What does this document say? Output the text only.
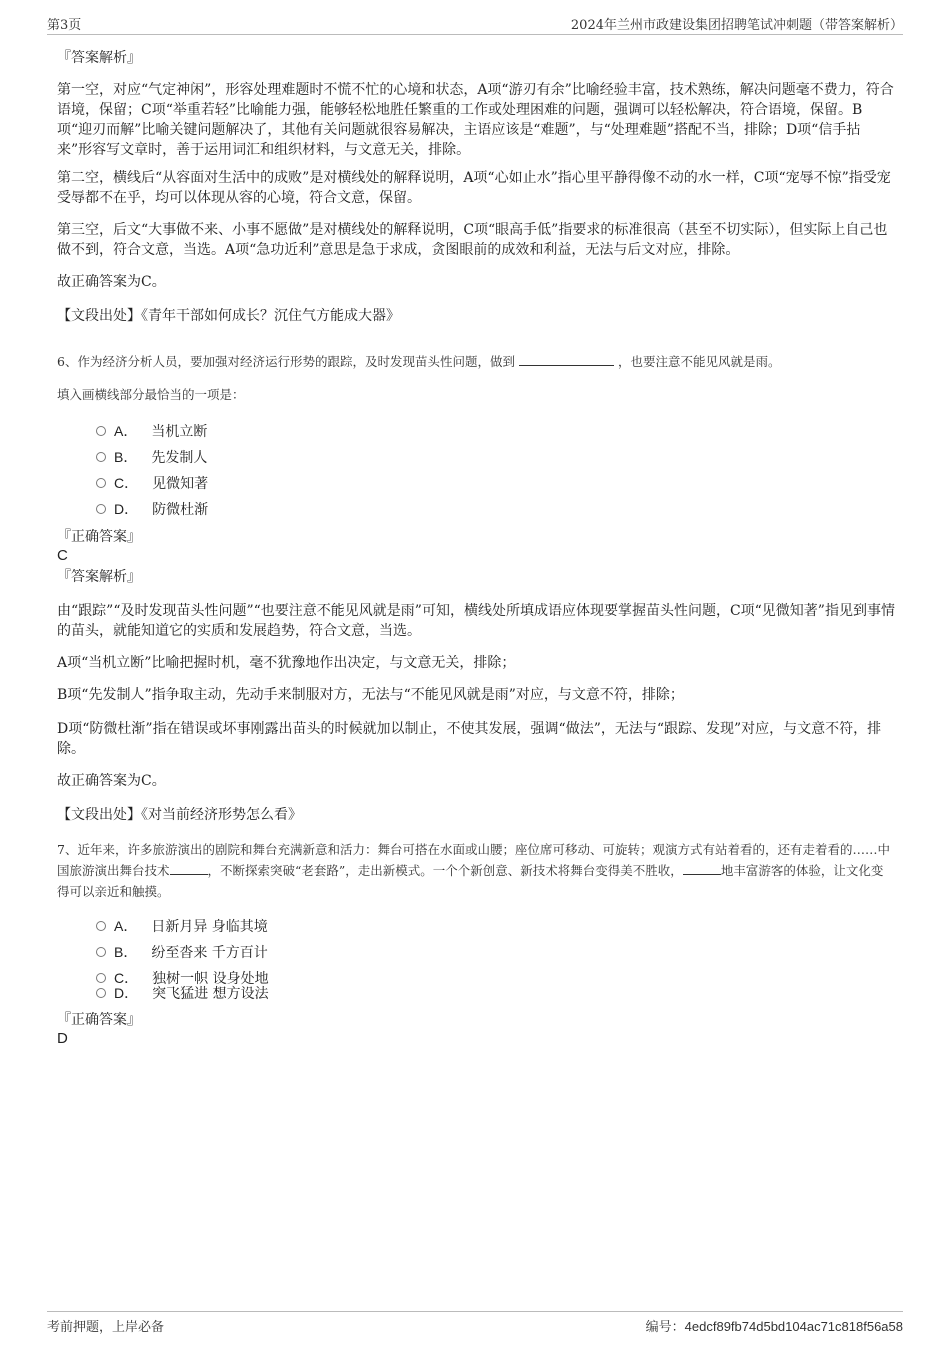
第3页	2024年兰州市政建设集团招聘笔试冲刺题（带答案解析）

『答案解析』

第一空，对应“气定神闲”，形容处理难题时不慌不忙的心境和状态，A项“游刃有余”比喻经验丰富，技术熟练，解决问题毫不费力，符合语境，保留；C项“举重若轻”比喻能力强，能够轻松地胜任繁重的工作或处理困难的问题，强调可以轻松解决，符合语境，保留。B项“迎刃而解”比喻关键问题解决了，其他有关问题就很容易解决，主语应该是“难题”，与“处理难题”搭配不当，排除；D项“信手拈来”形容写文章时，善于运用词汇和组织材料，与文意无关，排除。

第二空，横线后“从容面对生活中的成败”是对横线处的解释说明，A项“心如止水”指心里平静得像不动的水一样，C项“宠辱不惊”指受宠受辱都不在乎，均可以体现从容的心境，符合文意，保留。

第三空，后文“大事做不来、小事不愿做”是对横线处的解释说明，C项“眼高手低”指要求的标准很高（甚至不切实际），但实际上自己也做不到，符合文意，当选。A项“急功近利”意思是急于求成，贪图眼前的成效和利益，无法与后文对应，排除。

故正确答案为C。

【文段出处】《青年干部如何成长？沉住气方能成大器》

6、作为经济分析人员，要加强对经济运行形势的跟踪，及时发现苗头性问题，做到	，也要注意不能见风就是雨。

填入画横线部分最恰当的一项是：

A． 当机立断
B． 先发制人
C． 见微知著
D． 防微杜渐

『正确答案』

C

『答案解析』

由“跟踪”“及时发现苗头性问题”“也要注意不能见风就是雨”可知，横线处所填成语应体现要掌握苗头性问题，C项“见微知著”指见到事情的苗头，就能知道它的实质和发展趋势，符合文意，当选。

A项“当机立断”比喻把握时机，毫不犹豫地作出决定，与文意无关，排除；

B项“先发制人”指争取主动，先动手来制服对方，无法与“不能见风就是雨”对应，与文意不符，排除；

D项“防微杜渐”指在错误或坏事刚露出苗头的时候就加以制止，不使其发展，强调“做法”，无法与“跟踪、发现”对应，与文意不符，排除。

故正确答案为C。

【文段出处】《对当前经济形势怎么看》

7、近年来，许多旅游演出的剧院和舞台充满新意和活力：舞台可搭在水面或山腰；座位席可移动、可旋转；观演方式有站着看的，还有走着看的……中国旅游演出舞台技术	，不断探索突破“老套路”，走出新模式。一个个新创意、新技术将舞台变得美不胜收，	地丰富游客的体验，让文化变得可以亲近和触摸。

A． 日新月异 身临其境
B． 纷至沓来 千方百计
C． 独树一帜 设身处地
D． 突飞猛进 想方设法

『正确答案』

D

考前押题，上岸必备	编号：4edcf89fb74d5bd104ac71c818f56a58
